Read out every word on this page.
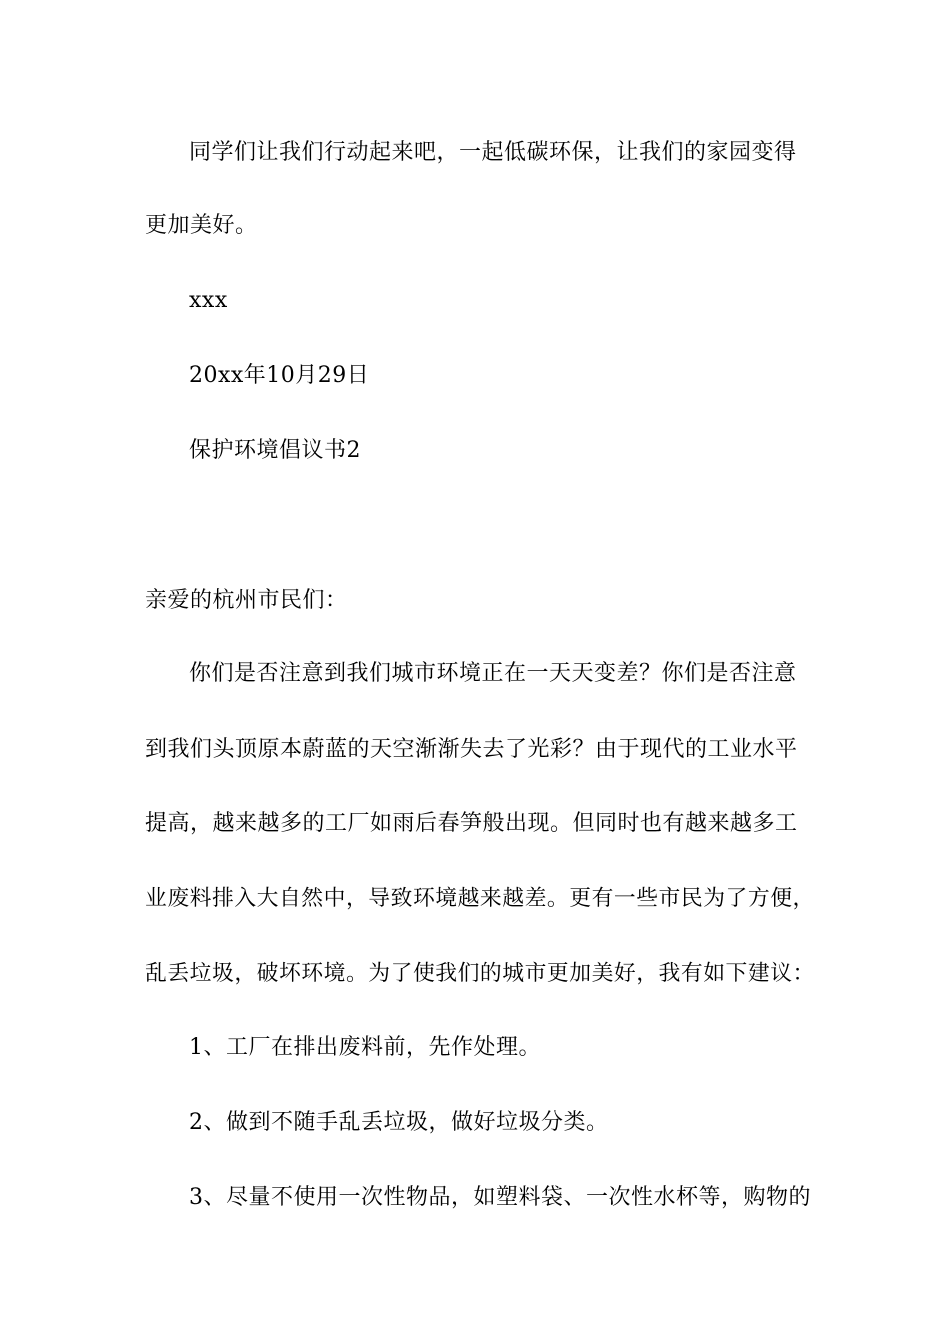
同学们让我们行动起来吧，一起低碳环保，让我们的家园变得
更加美好。
xxx
20xx年10月29日
保护环境倡议书2
亲爱的杭州市民们：
你们是否注意到我们城市环境正在一天天变差？你们是否注意
到我们头顶原本蔚蓝的天空渐渐失去了光彩？由于现代的工业水平
提高，越来越多的工厂如雨后春笋般出现。但同时也有越来越多工
业废料排入大自然中，导致环境越来越差。更有一些市民为了方便，
乱丢垃圾，破坏环境。为了使我们的城市更加美好，我有如下建议：
1、工厂在排出废料前，先作处理。
2、做到不随手乱丢垃圾，做好垃圾分类。
3、尽量不使用一次性物品，如塑料袋、一次性水杯等，购物的
